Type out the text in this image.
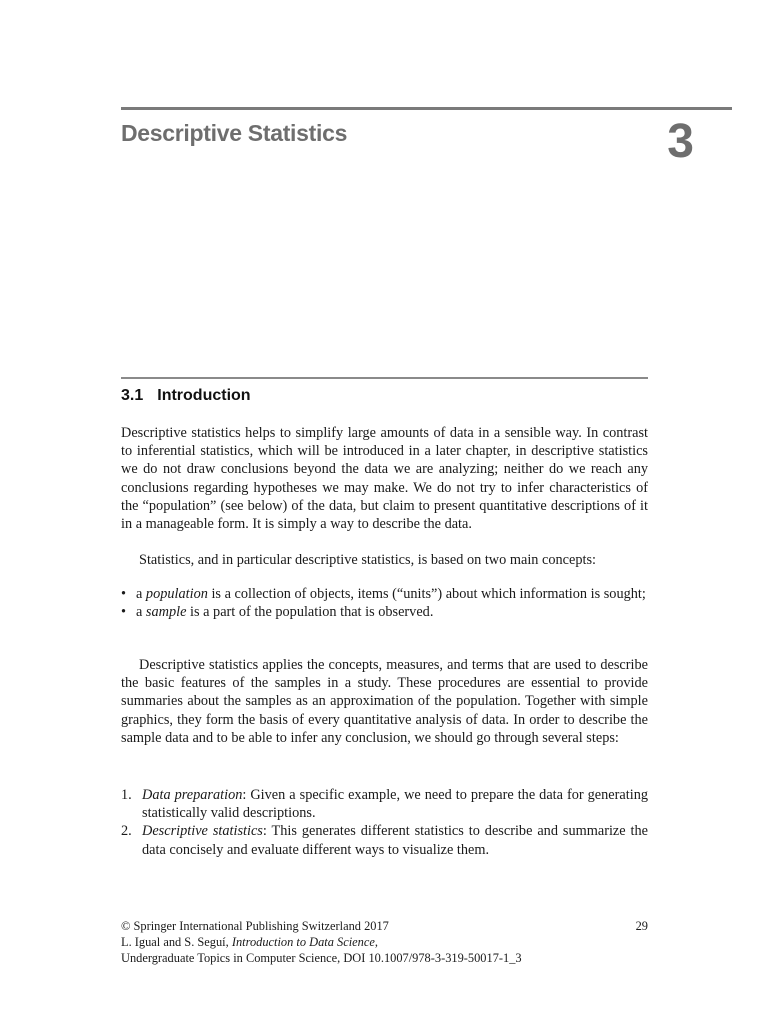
Descriptive Statistics	3
3.1 Introduction

Descriptive statistics helps to simplify large amounts of data in a sensible way. In contrast to inferential statistics, which will be introduced in a later chapter, in descriptive statistics we do not draw conclusions beyond the data we are analyzing; neither do we reach any conclusions regarding hypotheses we may make. We do not try to infer characteristics of the “population” (see below) of the data, but claim to present quantitative descriptions of it in a manageable form. It is simply a way to describe the data.

Statistics, and in particular descriptive statistics, is based on two main concepts:

• a population is a collection of objects, items (“units”) about which information is sought;
• a sample is a part of the population that is observed.

Descriptive statistics applies the concepts, measures, and terms that are used to describe the basic features of the samples in a study. These procedures are essential to provide summaries about the samples as an approximation of the population. Together with simple graphics, they form the basis of every quantitative analysis of data. In order to describe the sample data and to be able to infer any conclusion, we should go through several steps:

1. Data preparation: Given a specific example, we need to prepare the data for generating statistically valid descriptions.
2. Descriptive statistics: This generates different statistics to describe and summarize the data concisely and evaluate different ways to visualize them.
© Springer International Publishing Switzerland 2017	29
L. Igual and S. Seguí, Introduction to Data Science,
Undergraduate Topics in Computer Science, DOI 10.1007/978-3-319-50017-1_3
